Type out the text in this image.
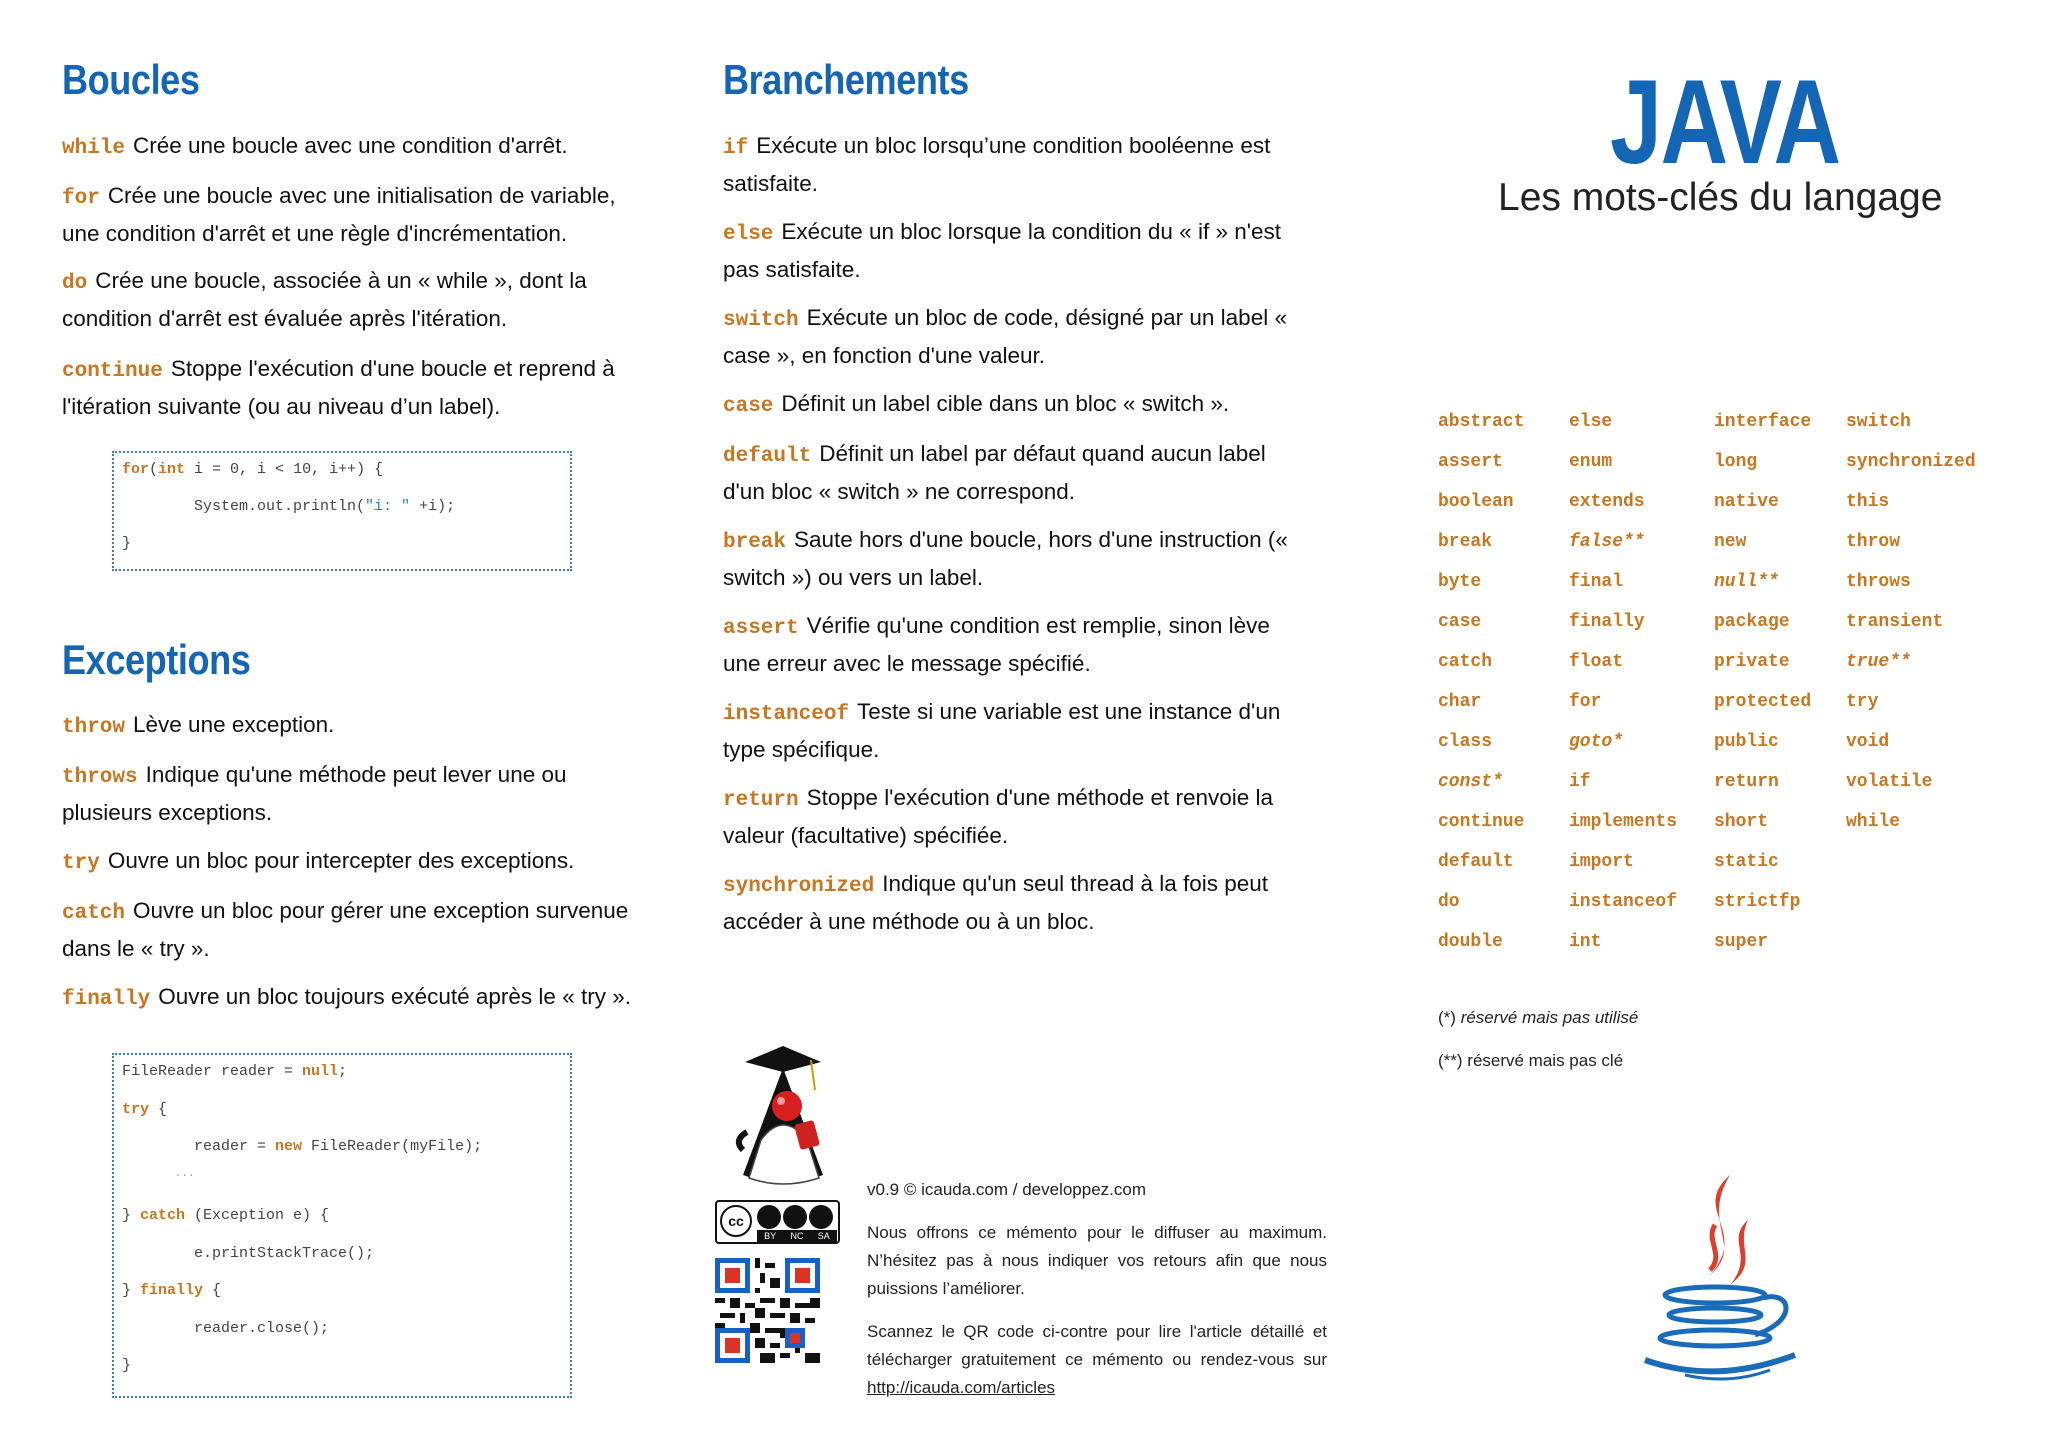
Boucles
while Crée une boucle avec une condition d'arrêt.
for Crée une boucle avec une initialisation de variable, une condition d'arrêt et une règle d'incrémentation.
do Crée une boucle, associée à un « while », dont la condition d'arrêt est évaluée après l'itération.
continue Stoppe l'exécution d'une boucle et reprend à l'itération suivante (ou au niveau d’un label).
for(int i = 0, i < 10, i++) {
System.out.println("i: " +i);
}
Exceptions
throw Lève une exception.
throws Indique qu'une méthode peut lever une ou plusieurs exceptions.
try Ouvre un bloc pour intercepter des exceptions.
catch Ouvre un bloc pour gérer une exception survenue dans le « try ».
finally Ouvre un bloc toujours exécuté après le « try ».
FileReader reader = null;
try {
reader = new FileReader(myFile);
...
} catch (Exception e) {
e.printStackTrace();
} finally {
reader.close();
}
Branchements
if Exécute un bloc lorsqu’une condition booléenne est satisfaite.
else Exécute un bloc lorsque la condition du « if » n'est pas satisfaite.
switch Exécute un bloc de code, désigné par un label « case », en fonction d'une valeur.
case Définit un label cible dans un bloc « switch ».
default Définit un label par défaut quand aucun label d'un bloc « switch » ne correspond.
break Saute hors d'une boucle, hors d'une instruction (« switch ») ou vers un label.
assert Vérifie qu'une condition est remplie, sinon lève une erreur avec le message spécifié.
instanceof Teste si une variable est une instance d'un type spécifique.
return Stoppe l'exécution d'une méthode et renvoie la valeur (facultative) spécifiée.
synchronized Indique qu'un seul thread à la fois peut accéder à une méthode ou à un bloc.
cc
BY NC SA
v0.9 © icauda.com / developpez.com
Nous offrons ce mémento pour le diffuser au maximum. N’hésitez pas à nous indiquer vos retours afin que nous puissions l’améliorer.
Scannez le QR code ci-contre pour lire l'article détaillé et télécharger gratuitement ce mémento ou rendez-vous sur http://icauda.com/articles
JAVA
Les mots-clés du langage
abstract
assert
boolean
break
byte
case
catch
char
class
const*
continue
default
do
double
else
enum
extends
false**
final
finally
float
for
goto*
if
implements
import
instanceof
int
interface
long
native
new
null**
package
private
protected
public
return
short
static
strictfp
super
switch
synchronized
this
throw
throws
transient
true**
try
void
volatile
while
(*) réservé mais pas utilisé
(**) réservé mais pas clé
